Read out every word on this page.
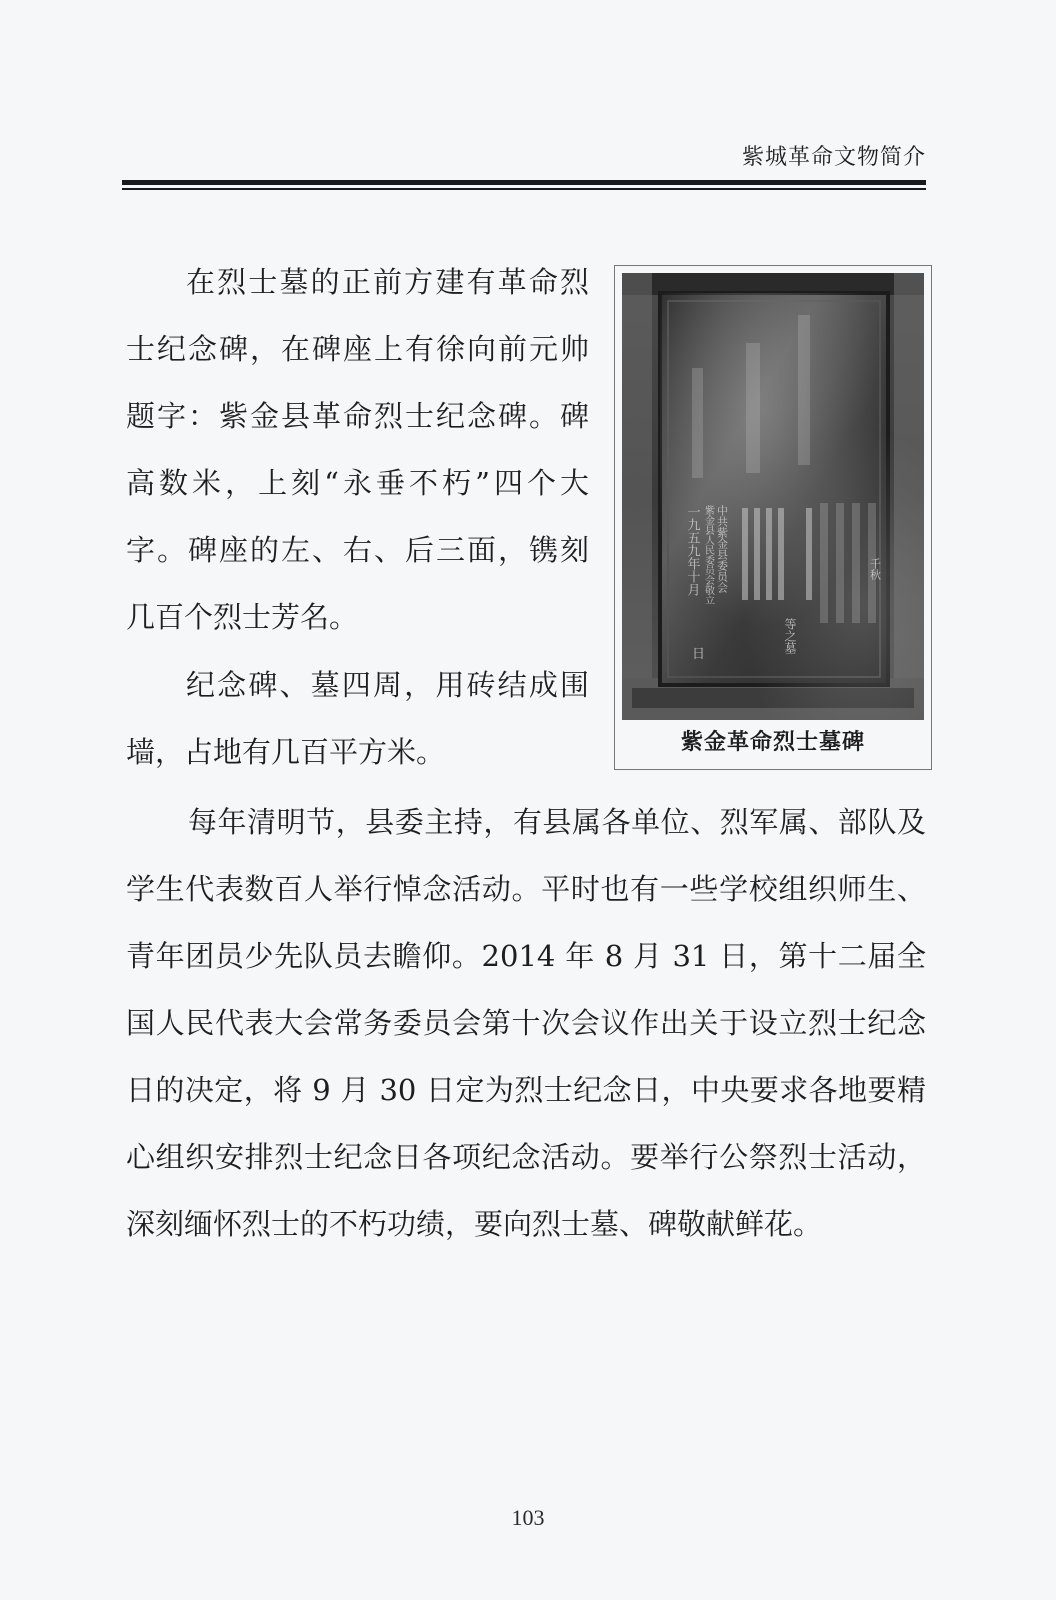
紫城革命文物简介

在烈士墓的正前方建有革命烈士纪念碑，在碑座上有徐向前元帅题字：紫金县革命烈士纪念碑。碑高数米，上刻“永垂不朽”四个大字。碑座的左、右、后三面，镌刻几百个烈士芳名。

中共紫金县委员会
紫金县人民委员会敬立
一九五九年十月
日
等之墓
千秋
紫金革命烈士墓碑

纪念碑、墓四周，用砖结成围墙，占地有几百平方米。

每年清明节，县委主持，有县属各单位、烈军属、部队及学生代表数百人举行悼念活动。平时也有一些学校组织师生、青年团员少先队员去瞻仰。2014 年 8 月 31 日，第十二届全国人民代表大会常务委员会第十次会议作出关于设立烈士纪念日的决定，将 9 月 30 日定为烈士纪念日，中央要求各地要精心组织安排烈士纪念日各项纪念活动。要举行公祭烈士活动，深刻缅怀烈士的不朽功绩，要向烈士墓、碑敬献鲜花。

103
